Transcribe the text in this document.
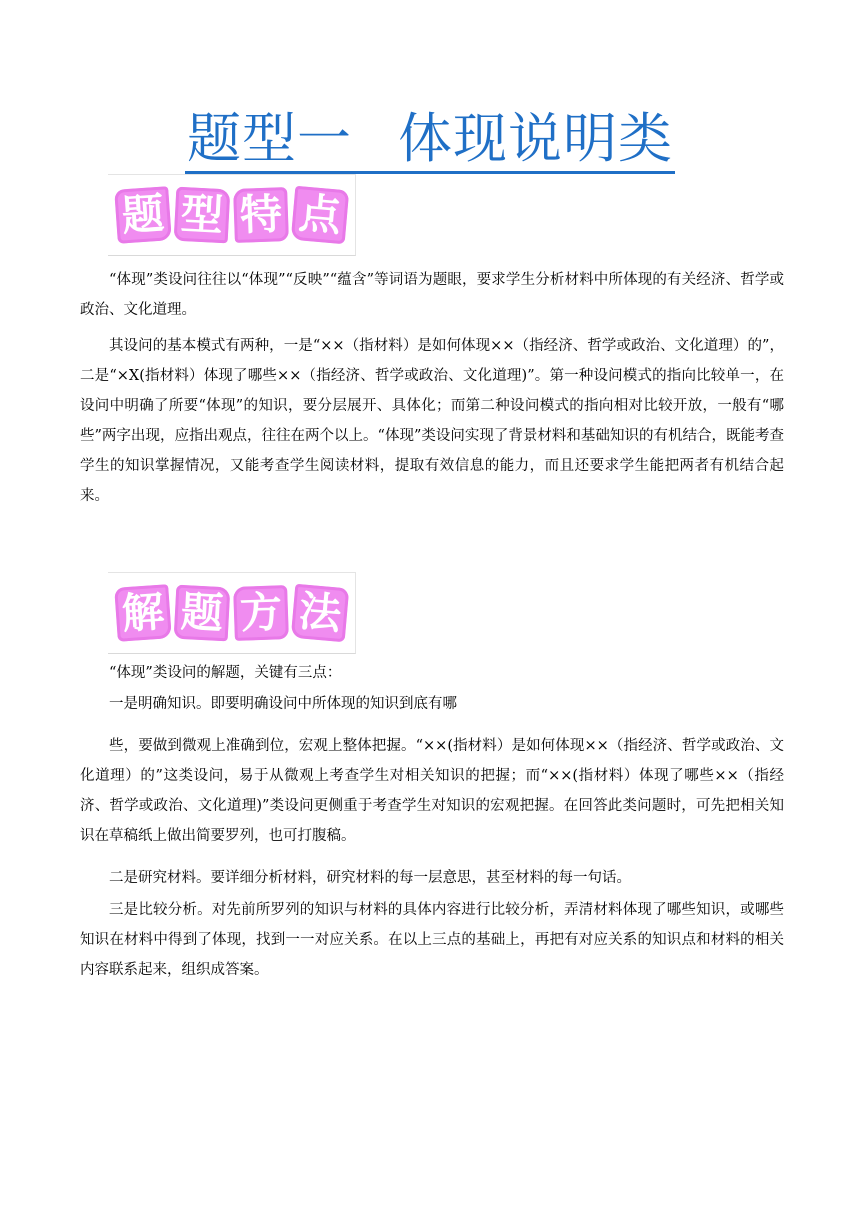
题型一 体现说明类
题 型 特 点

“体现”类设问往往以“体现”“反映”“蕴含”等词语为题眼，要求学生分析材料中所体现的有关经济、哲学或政治、文化道理。

其设问的基本模式有两种，一是“××（指材料）是如何体现××（指经济、哲学或政治、文化道理）的”，二是“×X(指材料）体现了哪些××（指经济、哲学或政治、文化道理)”。第一种设问模式的指向比较单一，在设问中明确了所要“体现”的知识，要分层展开、具体化；而第二种设问模式的指向相对比较开放，一般有“哪些”两字出现，应指出观点，往往在两个以上。“体现”类设问实现了背景材料和基础知识的有机结合，既能考查学生的知识掌握情况，又能考查学生阅读材料，提取有效信息的能力，而且还要求学生能把两者有机结合起来。

解 题 方 法

“体现”类设问的解题，关键有三点：

一是明确知识。即要明确设问中所体现的知识到底有哪

些，要做到微观上准确到位，宏观上整体把握。“××(指材料）是如何体现××（指经济、哲学或政治、文化道理）的”这类设问，易于从微观上考查学生对相关知识的把握；而“××(指材料）体现了哪些××（指经济、哲学或政治、文化道理)”类设问更侧重于考查学生对知识的宏观把握。在回答此类问题时，可先把相关知识在草稿纸上做出简要罗列，也可打腹稿。

二是研究材料。要详细分析材料，研究材料的每一层意思，甚至材料的每一句话。

三是比较分析。对先前所罗列的知识与材料的具体内容进行比较分析，弄清材料体现了哪些知识，或哪些知识在材料中得到了体现，找到一一对应关系。在以上三点的基础上，再把有对应关系的知识点和材料的相关内容联系起来，组织成答案。
